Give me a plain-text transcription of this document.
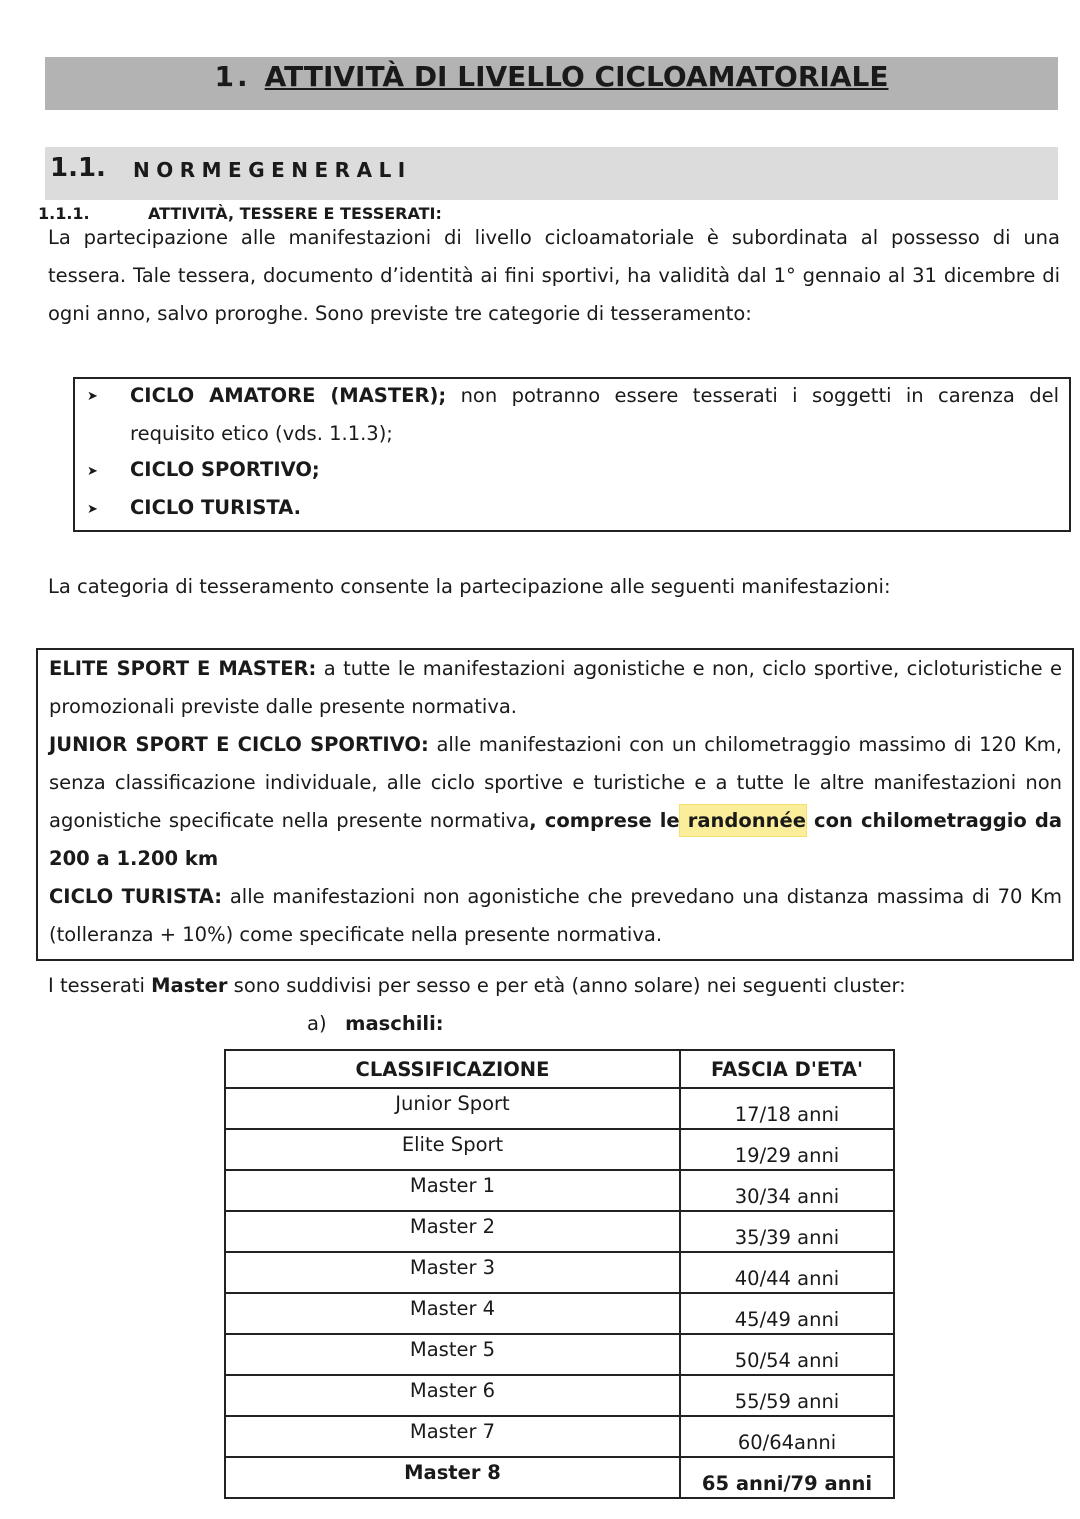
1. ATTIVITÀ DI LIVELLO CICLOAMATORIALE
1.1. NORMEGENERALI
1.1.1.	ATTIVITÀ, TESSERE E TESSERATI:
La partecipazione alle manifestazioni di livello cicloamatoriale è subordinata al possesso di una tessera. Tale tessera, documento d’identità ai fini sportivi, ha validità dal 1° gennaio al 31 dicembre di ogni anno, salvo proroghe. Sono previste tre categorie di tesseramento:
➤ CICLO AMATORE (MASTER); non potranno essere tesserati i soggetti in carenza del requisito etico (vds. 1.1.3);
➤ CICLO SPORTIVO;
➤ CICLO TURISTA.
La categoria di tesseramento consente la partecipazione alle seguenti manifestazioni:
ELITE SPORT E MASTER: a tutte le manifestazioni agonistiche e non, ciclo sportive, cicloturistiche e promozionali previste dalle presente normativa.
JUNIOR SPORT E CICLO SPORTIVO: alle manifestazioni con un chilometraggio massimo di 120 Km, senza classificazione individuale, alle ciclo sportive e turistiche e a tutte le altre manifestazioni non agonistiche specificate nella presente normativa, comprese le randonnée con chilometraggio da 200 a 1.200 km
CICLO TURISTA: alle manifestazioni non agonistiche che prevedano una distanza massima di 70 Km (tolleranza + 10%) come specificate nella presente normativa.
I tesserati Master sono suddivisi per sesso e per età (anno solare) nei seguenti cluster:
a) maschili:
CLASSIFICAZIONE	FASCIA D'ETA'
Junior Sport	17/18 anni
Elite Sport	19/29 anni
Master 1	30/34 anni
Master 2	35/39 anni
Master 3	40/44 anni
Master 4	45/49 anni
Master 5	50/54 anni
Master 6	55/59 anni
Master 7	60/64anni
Master 8	65 anni/79 anni
